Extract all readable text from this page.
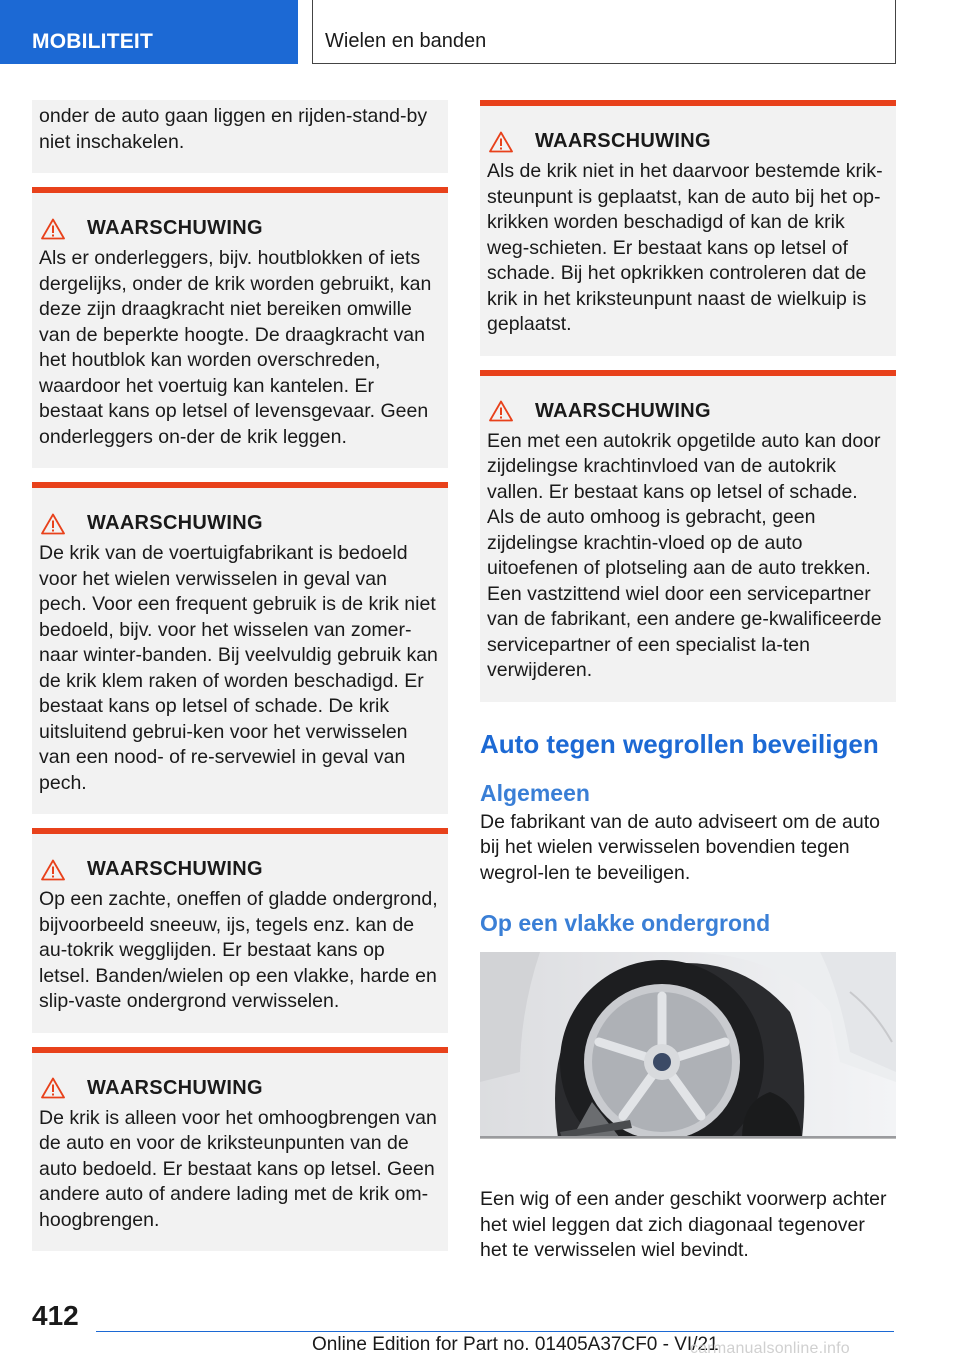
MOBILITEIT	Wielen en banden

onder de auto gaan liggen en rijden-stand-by niet inschakelen.

WAARSCHUWING

Als er onderleggers, bijv. houtblokken of iets dergelijks, onder de krik worden gebruikt, kan deze zijn draagkracht niet bereiken omwille van de beperkte hoogte. De draagkracht van het houtblok kan worden overschreden, waardoor het voertuig kan kantelen. Er bestaat kans op letsel of levensgevaar. Geen onderleggers on-der de krik leggen.

WAARSCHUWING

De krik van de voertuigfabrikant is bedoeld voor het wielen verwisselen in geval van pech. Voor een frequent gebruik is de krik niet bedoeld, bijv. voor het wisselen van zomer- naar winter-banden. Bij veelvuldig gebruik kan de krik klem raken of worden beschadigd. Er bestaat kans op letsel of schade. De krik uitsluitend gebrui-ken voor het verwisselen van een nood- of re-servewiel in geval van pech.

WAARSCHUWING

Op een zachte, oneffen of gladde ondergrond, bijvoorbeeld sneeuw, ijs, tegels enz. kan de au-tokrik wegglijden. Er bestaat kans op letsel. Banden/wielen op een vlakke, harde en slip-vaste ondergrond verwisselen.

WAARSCHUWING

De krik is alleen voor het omhoogbrengen van de auto en voor de kriksteunpunten van de auto bedoeld. Er bestaat kans op letsel. Geen andere auto of andere lading met de krik om-hoogbrengen.

WAARSCHUWING

Als de krik niet in het daarvoor bestemde krik-steunpunt is geplaatst, kan de auto bij het op-krikken worden beschadigd of kan de krik weg-schieten. Er bestaat kans op letsel of schade. Bij het opkrikken controleren dat de krik in het kriksteunpunt naast de wielkuip is geplaatst.

WAARSCHUWING

Een met een autokrik opgetilde auto kan door zijdelingse krachtinvloed van de autokrik vallen. Er bestaat kans op letsel of schade. Als de auto omhoog is gebracht, geen zijdelingse krachtin-vloed op de auto uitoefenen of plotseling aan de auto trekken. Een vastzittend wiel door een servicepartner van de fabrikant, een andere ge-kwalificeerde servicepartner of een specialist la-ten verwijderen.

Auto tegen wegrollen beveiligen
Algemeen

De fabrikant van de auto adviseert om de auto bij het wielen verwisselen bovendien tegen wegrol-len te beveiligen.

Op een vlakke ondergrond

Een wig of een ander geschikt voorwerp achter het wiel leggen dat zich diagonaal tegenover het te verwisselen wiel bevindt.

412
Online Edition for Part no. 01405A37CF0 - VI/21
carmanualsonline.info
